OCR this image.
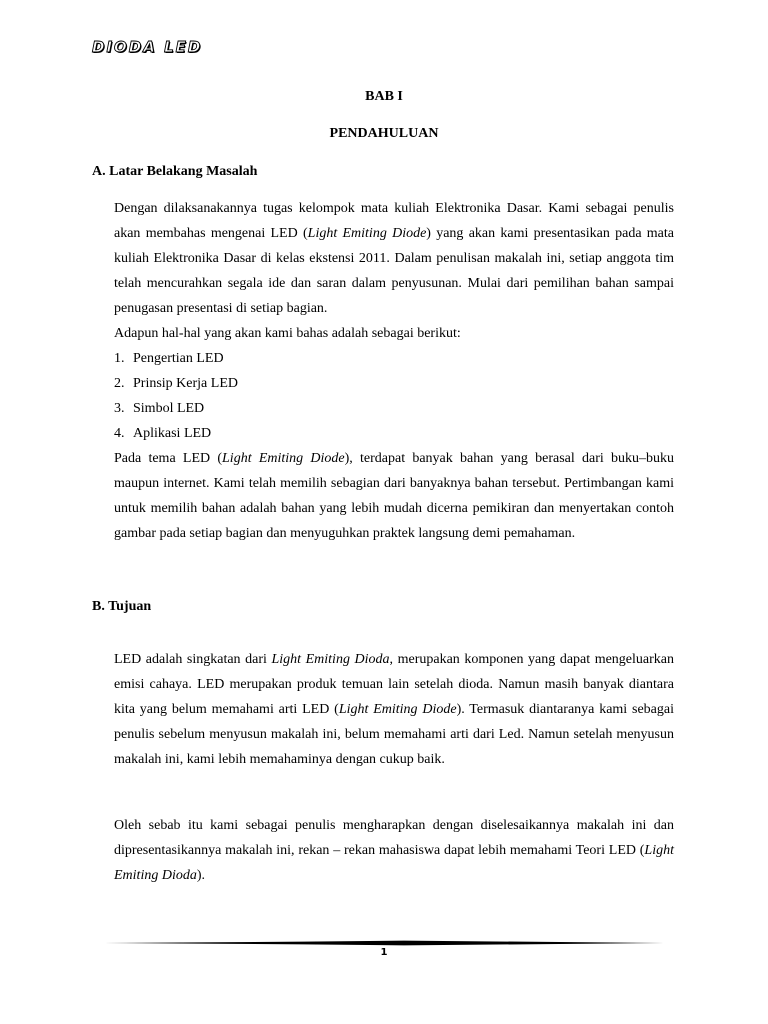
DIODA LED
BAB I
PENDAHULUAN
A. Latar Belakang Masalah

Dengan dilaksanakannya tugas kelompok mata kuliah Elektronika Dasar. Kami sebagai penulis akan membahas mengenai LED (Light Emiting Diode) yang akan kami presentasikan pada mata kuliah Elektronika Dasar di kelas ekstensi 2011. Dalam penulisan makalah ini, setiap anggota tim telah mencurahkan segala ide dan saran dalam penyusunan. Mulai dari pemilihan bahan sampai penugasan presentasi di setiap bagian.

Adapun hal-hal yang akan kami bahas adalah sebagai berikut:

1. Pengertian LED
2. Prinsip Kerja LED
3. Simbol LED
4. Aplikasi LED

Pada tema LED (Light Emiting Diode), terdapat banyak bahan yang berasal dari buku–buku maupun internet. Kami telah memilih sebagian dari banyaknya bahan tersebut. Pertimbangan kami untuk memilih bahan adalah bahan yang lebih mudah dicerna pemikiran dan menyertakan contoh gambar pada setiap bagian dan menyuguhkan praktek langsung demi pemahaman.

B. Tujuan

LED adalah singkatan dari Light Emiting Dioda, merupakan komponen yang dapat mengeluarkan emisi cahaya. LED merupakan produk temuan lain setelah dioda. Namun masih banyak diantara kita yang belum memahami arti LED (Light Emiting Diode). Termasuk diantaranya kami sebagai penulis sebelum menyusun makalah ini, belum memahami arti dari Led. Namun setelah menyusun makalah ini, kami lebih memahaminya dengan cukup baik.

Oleh sebab itu kami sebagai penulis mengharapkan dengan diselesaikannya makalah ini dan dipresentasikannya makalah ini, rekan – rekan mahasiswa dapat lebih memahami Teori LED (Light Emiting Dioda).

1
